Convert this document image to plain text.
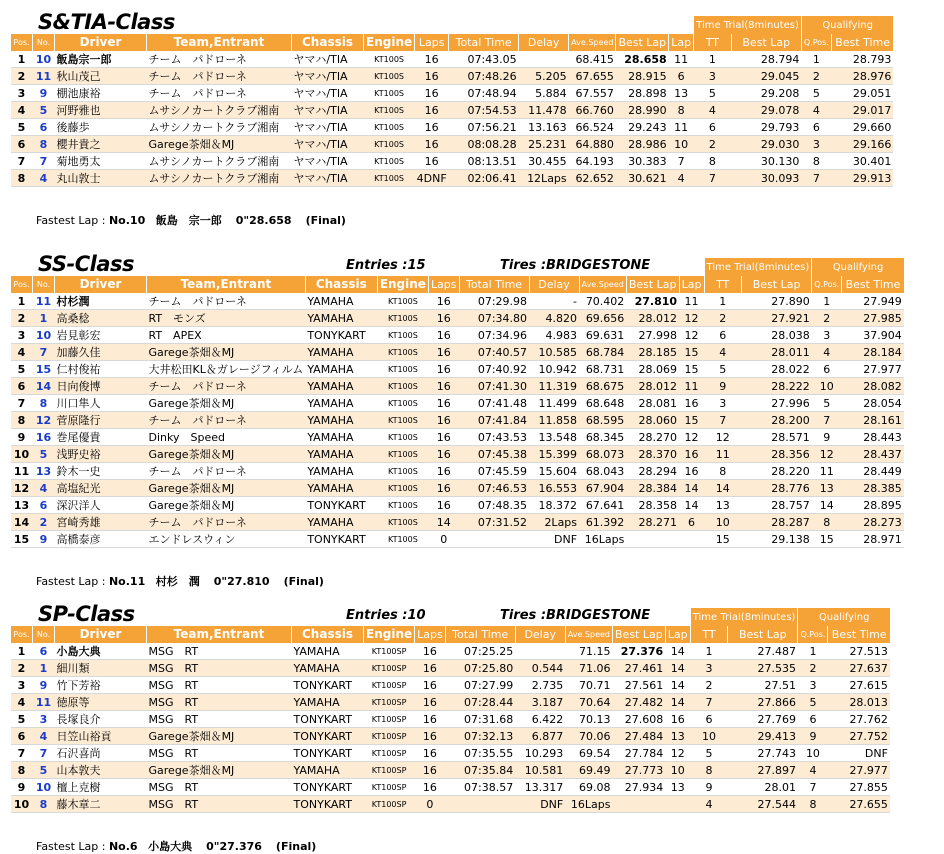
S&TIA-Class
												Time Trial(8minutes)		Qualifying	
Pos.	No.	Driver	Team,Entrant	Chassis	Engine	Laps	Total Time	Delay	Ave.Speed	Best Lap	Lap	TT	Best Lap	Q.Pos.	Best Time
1	10	飯島宗一郎	チーム　パドローネ	ヤマハ/TIA	KT100S	16	07:43.05		68.415	28.658	11	1	28.794	1	28.793
2	11	秋山茂己	チーム　パドローネ	ヤマハ/TIA	KT100S	16	07:48.26	5.205	67.655	28.915	6	3	29.045	2	28.976
3	9	棚池康裕	チーム　パドローネ	ヤマハ/TIA	KT100S	16	07:48.94	5.884	67.557	28.898	13	5	29.208	5	29.051
4	5	河野雅也	ムサシノカートクラブ湘南	ヤマハ/TIA	KT100S	16	07:54.53	11.478	66.760	28.990	8	4	29.078	4	29.017
5	6	後藤歩	ムサシノカートクラブ湘南	ヤマハ/TIA	KT100S	16	07:56.21	13.163	66.524	29.243	11	6	29.793	6	29.660
6	8	櫻井貴之	Garege茶畑＆MJ	ヤマハ/TIA	KT100S	16	08:08.28	25.231	64.880	28.986	10	2	29.030	3	29.166
7	7	菊地勇太	ムサシノカートクラブ湘南	ヤマハ/TIA	KT100S	16	08:13.51	30.455	64.193	30.383	7	8	30.130	8	30.401
8	4	丸山敦士	ムサシノカートクラブ湘南	ヤマハ/TIA	KT100S	4DNF	02:06.41	12Laps	62.652	30.621	4	7	30.093	7	29.913
Fastest Lap : No.10 飯島　宗一郎 0"28.658 (Final)
SS-Class	Entries :15	Tires :BRIDGESTONE
												Time Trial(8minutes)		Qualifying	
Pos.	No.	Driver	Team,Entrant	Chassis	Engine	Laps	Total Time	Delay	Ave.Speed	Best Lap	Lap	TT	Best Lap	Q.Pos.	Best Time
1	11	村杉潤	チーム　パドローネ	YAMAHA	KT100S	16	07:29.98	-	70.402	27.810	11	1	27.890	1	27.949
2	1	高桑稔	RT　モンズ	YAMAHA	KT100S	16	07:34.80	4.820	69.656	28.012	12	2	27.921	2	27.985
3	10	岩見彰宏	RT　APEX	TONYKART	KT100S	16	07:34.96	4.983	69.631	27.998	12	6	28.038	3	37.904
4	7	加藤久佳	Garege茶畑＆MJ	YAMAHA	KT100S	16	07:40.57	10.585	68.784	28.185	15	4	28.011	4	28.184
5	15	仁村俊祐	大井松田KL＆ガレージフィルム	YAMAHA	KT100S	16	07:40.92	10.942	68.731	28.069	15	5	28.022	6	27.977
6	14	日向俊博	チーム　パドローネ	YAMAHA	KT100S	16	07:41.30	11.319	68.675	28.012	11	9	28.222	10	28.082
7	8	川口隼人	Garege茶畑＆MJ	YAMAHA	KT100S	16	07:41.48	11.499	68.648	28.081	16	3	27.996	5	28.054
8	12	菅原隆行	チーム　パドローネ	YAMAHA	KT100S	16	07:41.84	11.858	68.595	28.060	15	7	28.200	7	28.161
9	16	巻尾優貴	Dinky　Speed	YAMAHA	KT100S	16	07:43.53	13.548	68.345	28.270	12	12	28.571	9	28.443
10	5	浅野史裕	Garege茶畑＆MJ	YAMAHA	KT100S	16	07:45.38	15.399	68.073	28.370	16	11	28.356	12	28.437
11	13	鈴木一史	チーム　パドローネ	YAMAHA	KT100S	16	07:45.59	15.604	68.043	28.294	16	8	28.220	11	28.449
12	4	高塩紀光	Garege茶畑＆MJ	YAMAHA	KT100S	16	07:46.53	16.553	67.904	28.384	14	14	28.776	13	28.385
13	6	深沢洋人	Garege茶畑＆MJ	TONYKART	KT100S	16	07:48.35	18.372	67.641	28.358	14	13	28.757	14	28.895
14	2	宮崎秀雄	チーム　パドローネ	YAMAHA	KT100S	14	07:31.52	2Laps	61.392	28.271	6	10	28.287	8	28.273
15	9	高橋泰彦	エンドレスウィン	TONYKART	KT100S	0		DNF	16Laps			15	29.138	15	28.971
Fastest Lap : No.11 村杉　潤 0"27.810 (Final)
SP-Class	Entries :10	Tires :BRIDGESTONE
												Time Trial(8minutes)		Qualifying	
Pos.	No.	Driver	Team,Entrant	Chassis	Engine	Laps	Total Time	Delay	Ave.Speed	Best Lap	Lap	TT	Best Lap	Q.Pos.	Best Time
1	6	小島大典	MSG　RT	YAMAHA	KT100SP	16	07:25.25		71.15	27.376	14	1	27.487	1	27.513
2	1	細川類	MSG　RT	YAMAHA	KT100SP	16	07:25.80	0.544	71.06	27.461	14	3	27.535	2	27.637
3	9	竹下芳裕	MSG　RT	TONYKART	KT100SP	16	07:27.99	2.735	70.71	27.561	14	2	27.51	3	27.615
4	11	徳原等	MSG　RT	YAMAHA	KT100SP	16	07:28.44	3.187	70.64	27.482	14	7	27.866	5	28.013
5	3	長塚良介	MSG　RT	TONYKART	KT100SP	16	07:31.68	6.422	70.13	27.608	16	6	27.769	6	27.762
6	4	日笠山裕貢	Garege茶畑＆MJ	TONYKART	KT100SP	16	07:32.13	6.877	70.06	27.484	13	10	29.413	9	27.752
7	7	石沢喜尚	MSG　RT	TONYKART	KT100SP	16	07:35.55	10.293	69.54	27.784	12	5	27.743	10	DNF
8	5	山本敦夫	Garege茶畑＆MJ	YAMAHA	KT100SP	16	07:35.84	10.581	69.49	27.773	10	8	27.897	4	27.977
9	10	檀上克樹	MSG　RT	TONYKART	KT100SP	16	07:38.57	13.317	69.08	27.934	13	9	28.01	7	27.855
10	8	藤木章二	MSG　RT	TONYKART	KT100SP	0		DNF	16Laps			4	27.544	8	27.655
Fastest Lap : No.6 小島大典 0"27.376 (Final)
